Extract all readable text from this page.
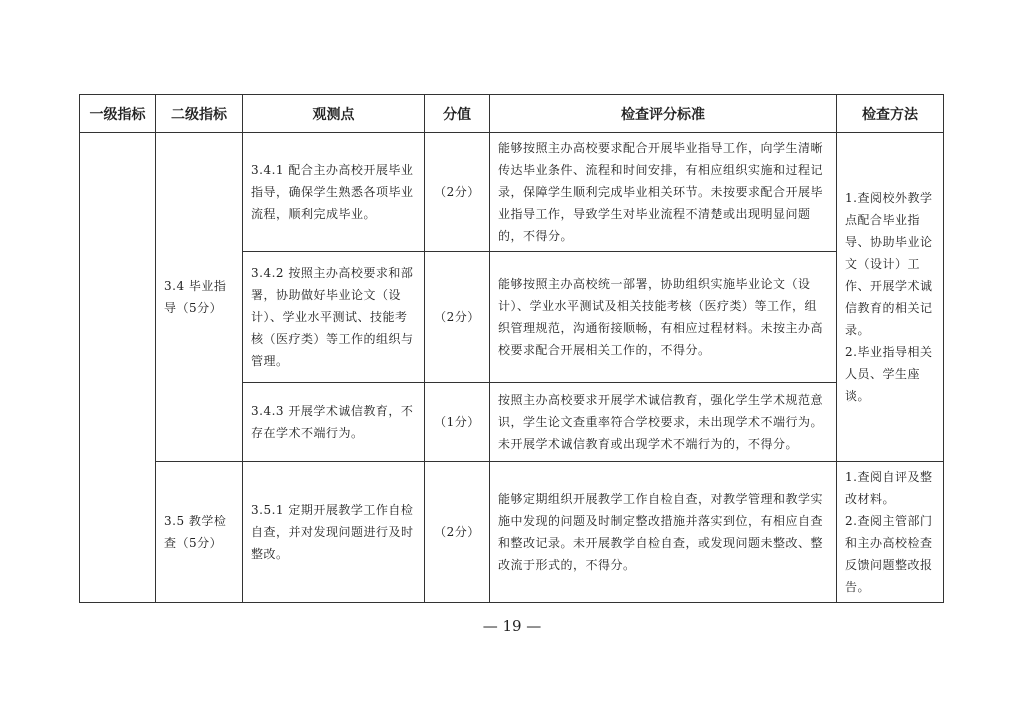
一级指标	二级指标	观测点	分值	检查评分标准	检查方法

	3.4 毕业指导（5分）	3.4.1 配合主办高校开展毕业指导，确保学生熟悉各项毕业流程，顺利完成毕业。	（2分）	能够按照主办高校要求配合开展毕业指导工作，向学生清晰传达毕业条件、流程和时间安排，有相应组织实施和过程记录，保障学生顺利完成毕业相关环节。未按要求配合开展毕业指导工作，导致学生对毕业流程不清楚或出现明显问题的，不得分。	1.查阅校外教学点配合毕业指导、协助毕业论文（设计）工作、开展学术诚信教育的相关记录。
2.毕业指导相关人员、学生座谈。

		3.4.2 按照主办高校要求和部署，协助做好毕业论文（设计）、学业水平测试、技能考核（医疗类）等工作的组织与管理。	（2分）	能够按照主办高校统一部署，协助组织实施毕业论文（设计）、学业水平测试及相关技能考核（医疗类）等工作，组织管理规范，沟通衔接顺畅，有相应过程材料。未按主办高校要求配合开展相关工作的，不得分。	

		3.4.3 开展学术诚信教育，不存在学术不端行为。	（1分）	按照主办高校要求开展学术诚信教育，强化学生学术规范意识，学生论文查重率符合学校要求，未出现学术不端行为。未开展学术诚信教育或出现学术不端行为的，不得分。	

	3.5 教学检查（5分）	3.5.1 定期开展教学工作自检自查，并对发现问题进行及时整改。	（2分）	能够定期组织开展教学工作自检自查，对教学管理和教学实施中发现的问题及时制定整改措施并落实到位，有相应自查和整改记录。未开展教学自检自查，或发现问题未整改、整改流于形式的，不得分。	1.查阅自评及整改材料。
2.查阅主管部门和主办高校检查反馈问题整改报告。
— 19 —
